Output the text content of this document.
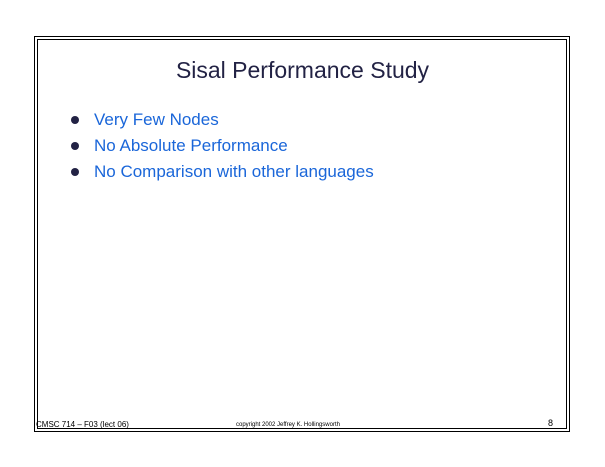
Sisal Performance Study
Very Few Nodes
No Absolute Performance
No Comparison with other languages
CMSC 714 – F03 (lect 06)	copyright 2002 Jeffrey K. Hollingsworth	8
